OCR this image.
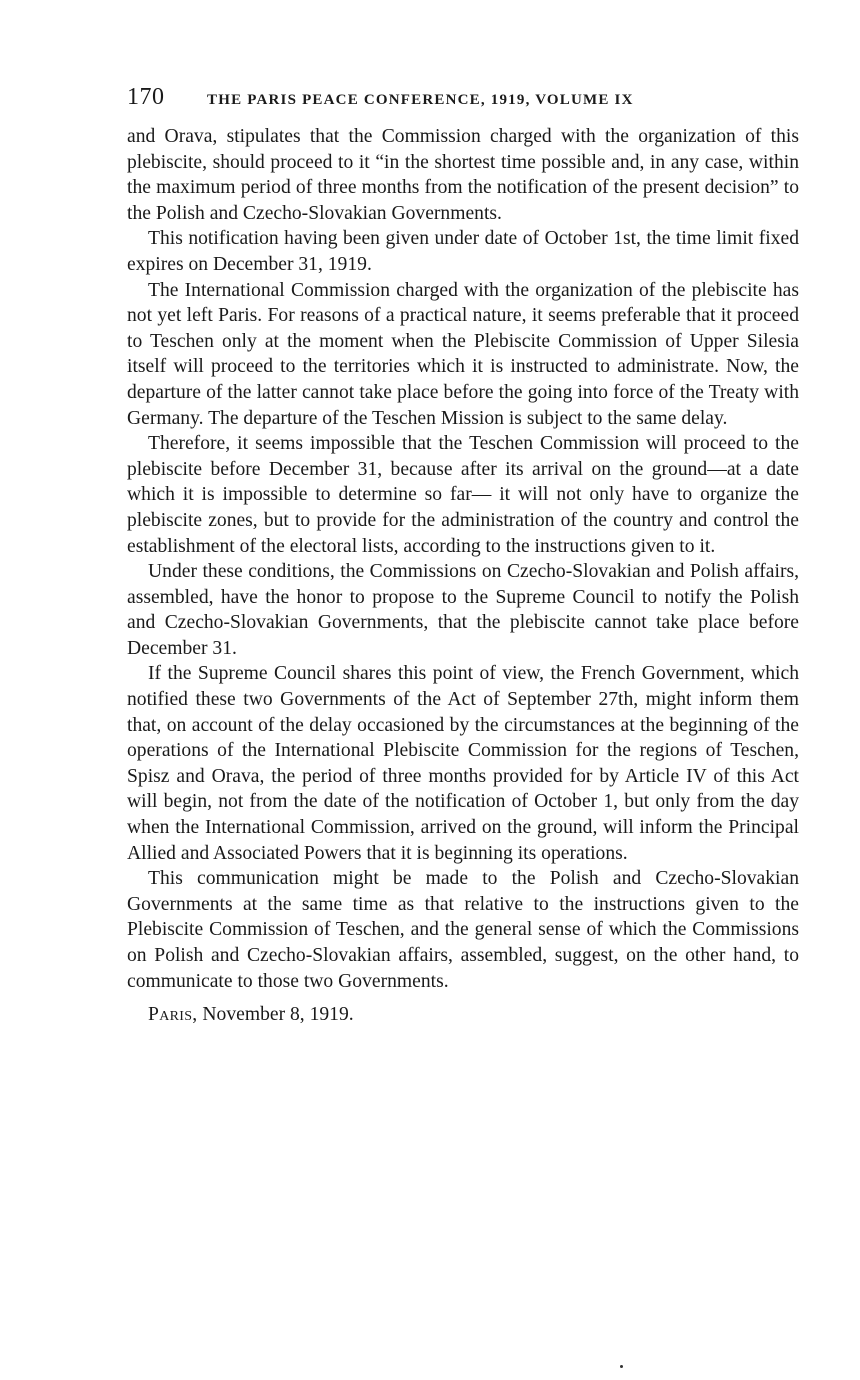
170	THE PARIS PEACE CONFERENCE, 1919, VOLUME IX

and Orava, stipulates that the Commission charged with the organization of this plebiscite, should proceed to it “in the shortest time possible and, in any case, within the maximum period of three months from the notification of the present decision” to the Polish and Czecho-Slovakian Governments.

This notification having been given under date of October 1st, the time limit fixed expires on December 31, 1919.

The International Commission charged with the organization of the plebiscite has not yet left Paris. For reasons of a practical nature, it seems preferable that it proceed to Teschen only at the moment when the Plebiscite Commission of Upper Silesia itself will proceed to the territories which it is instructed to administrate. Now, the departure of the latter cannot take place before the going into force of the Treaty with Germany. The departure of the Teschen Mission is subject to the same delay.

Therefore, it seems impossible that the Teschen Commission will proceed to the plebiscite before December 31, because after its arrival on the ground—at a date which it is impossible to determine so far— it will not only have to organize the plebiscite zones, but to provide for the administration of the country and control the establishment of the electoral lists, according to the instructions given to it.

Under these conditions, the Commissions on Czecho-Slovakian and Polish affairs, assembled, have the honor to propose to the Supreme Council to notify the Polish and Czecho-Slovakian Governments, that the plebiscite cannot take place before December 31.

If the Supreme Council shares this point of view, the French Government, which notified these two Governments of the Act of September 27th, might inform them that, on account of the delay occasioned by the circumstances at the beginning of the operations of the International Plebiscite Commission for the regions of Teschen, Spisz and Orava, the period of three months provided for by Article IV of this Act will begin, not from the date of the notification of October 1, but only from the day when the International Commission, arrived on the ground, will inform the Principal Allied and Associated Powers that it is beginning its operations.

This communication might be made to the Polish and Czecho-Slovakian Governments at the same time as that relative to the instructions given to the Plebiscite Commission of Teschen, and the general sense of which the Commissions on Polish and Czecho-Slovakian affairs, assembled, suggest, on the other hand, to communicate to those two Governments.

Paris, November 8, 1919.
